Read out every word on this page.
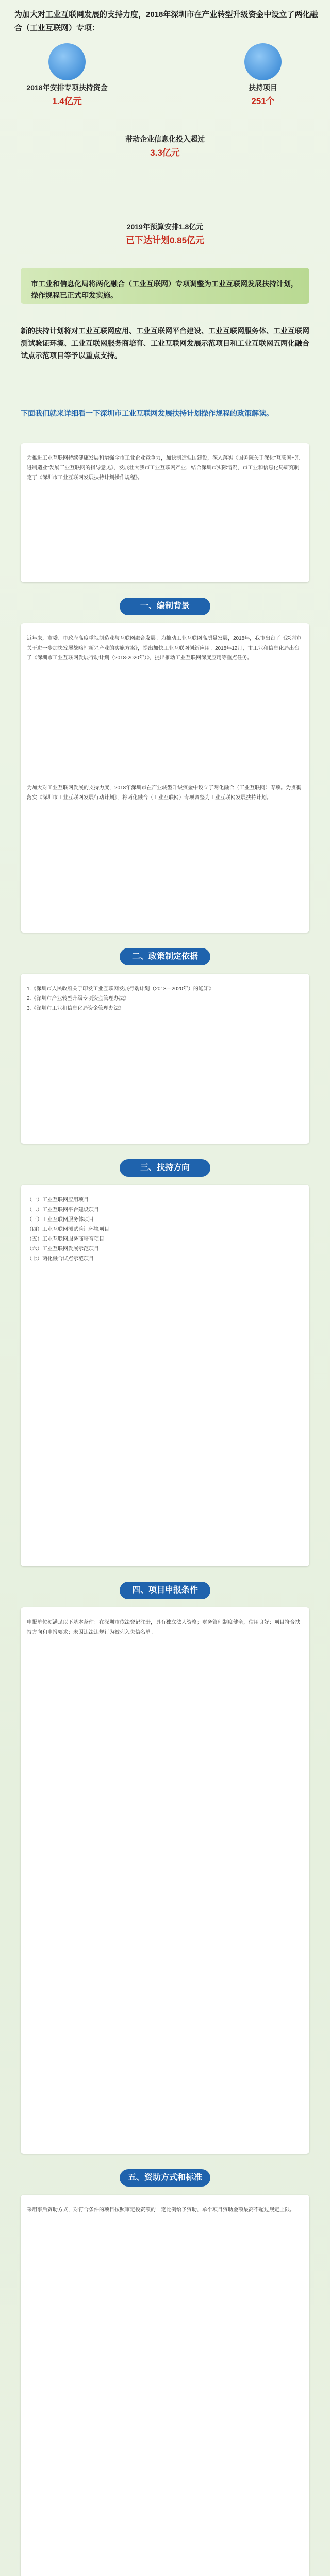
为加大对工业互联网发展的支持力度，2018年深圳市在产业转型升级资金中设立了两化融合（工业互联网）专项：
2018年安排专项扶持资金
1.4亿元
扶持项目
251个
带动企业信息化投入超过
3.3亿元
2019年预算安排1.8亿元
已下达计划0.85亿元
市工业和信息化局将两化融合（工业互联网）专项调整为工业互联网发展扶持计划，操作规程已正式印发实施。
新的扶持计划将对工业互联网应用、工业互联网平台建设、工业互联网服务体、工业互联网测试验证环境、工业互联网服务商培育、工业互联网发展示范项目和工业互联网五两化融合试点示范项目等予以重点支持。
下面我们就来详细看一下深圳市工业互联网发展扶持计划操作规程的政策解读。
为推进工业互联网持续健康发展和增强全市工业企业竞争力，加快制造强国建设，深入落实《国务院关于深化“互联网+先进制造业”发展工业互联网的指导意见》，发展壮大我市工业互联网产业，结合深圳市实际情况，市工业和信息化局研究制定了《深圳市工业互联网发展扶持计划操作规程》。
一、编制背景
近年来，市委、市政府高度重视制造业与互联网融合发展。为推动工业互联网高质量发展，2018年，我市出台了《深圳市关于进一步加快发展战略性新兴产业的实施方案》，提出加快工业互联网创新应用。2018年12月，市工业和信息化局出台了《深圳市工业互联网发展行动计划（2018-2020年）》，提出推动工业互联网深度应用等重点任务。
为加大对工业互联网发展的支持力度，2018年深圳市在产业转型升级资金中设立了两化融合（工业互联网）专项。为贯彻落实《深圳市工业互联网发展行动计划》，将两化融合（工业互联网）专项调整为工业互联网发展扶持计划。
二、政策制定依据
1.《深圳市人民政府关于印发工业互联网发展行动计划（2018—2020年）的通知》
2.《深圳市产业转型升级专项资金管理办法》
3.《深圳市工业和信息化局资金管理办法》
三、扶持方向
（一）工业互联网应用项目
（二）工业互联网平台建设项目
（三）工业互联网服务体项目
（四）工业互联网测试验证环境项目
（五）工业互联网服务商培育项目
（六）工业互联网发展示范项目
（七）两化融合试点示范项目
四、项目申报条件
申报单位须满足以下基本条件：在深圳市依法登记注册，具有独立法人资格；财务管理制度健全，信用良好；项目符合扶持方向和申报要求；未因违法违规行为被列入失信名单。
五、资助方式和标准
采用事后资助方式，对符合条件的项目按照审定投资额的一定比例给予资助，单个项目资助金额最高不超过规定上限。
